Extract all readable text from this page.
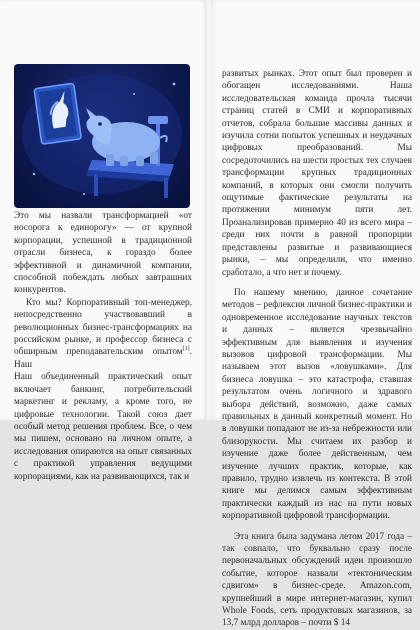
Это мы назвали трансформацией «от носорога к единорогу» — от крупной корпорации, успешной в традиционной отрасли бизнеса, к гораздо более эффективной и динамичной компании, способной побеждать любых завтрашних конкурентов.

Кто мы? Корпоративный топ-менеджер, непосредственно участвовавший в революционных бизнес-трансформациях на российском рынке, и профессор бизнеса с обширным преподавательским опытом[1]. Наш

Наш объединенный практический опыт включает банкинг, потребительский маркетинг и рекламу, а кроме того, не цифровые технологии. Такой союз дает особый метод решения проблем. Все, о чем мы пишем, основано на личном опыте, а исследования опираются на опыт связанных с практикой управления ведущими корпорациями, как на развивающихся, так и

развитых рынках. Этот опыт был проверен и обогащен исследованиями. Наша исследовательская команда прочла тысячи страниц статей в СМИ и корпоративных отчетов, собрала большие массивы данных и изучила сотни попыток успешных и неудачных цифровых преобразований. Мы сосредоточились на шести простых тех случаев трансформации крупных традиционных компаний, в которых они смогли получить ощутимые фактические результаты на протяжении минимум пяти лет. Проанализировав примерно 40 из всего мира – среди них почти в равной пропорции представлены развитые и развивающиеся рынки, – мы определили, что именно сработало, а что нет и почему.

По нашему мнению, данное сочетание методов – рефлексия личной бизнес-практики и одновременное исследование научных текстов и данных – является чрезвычайно эффективным для выявления и изучения вызовов цифровой трансформации. Мы называем этот вызов «ловушками». Для бизнеса ловушка – это катастрофа, ставшая результатом очень логичного и здравого выбора действий, возможно, даже самых правильных в данный конкретный момент. Но в ловушки попадают не из-за небрежности или близорукости. Мы считаем их разбор и изучение даже более действенным, чем изучение лучших практик, которые, как правило, трудно извлечь из контекста. В этой книге мы делимся самым эффективным практически каждый из нас на пути новых корпоративной цифровой трансформации.

Эта книга была задумана летом 2017 года – так совпало, что буквально сразу после первоначальных обсуждений идеи произошло событие, которое назвали «тектоническим сдвигом» в бизнес-среде. Amazon.com, крупнейший в мире интернет-магазин, купил Whole Foods, сеть продуктовых магазинов, за 13,7 млрд долларов – почти $ 14
